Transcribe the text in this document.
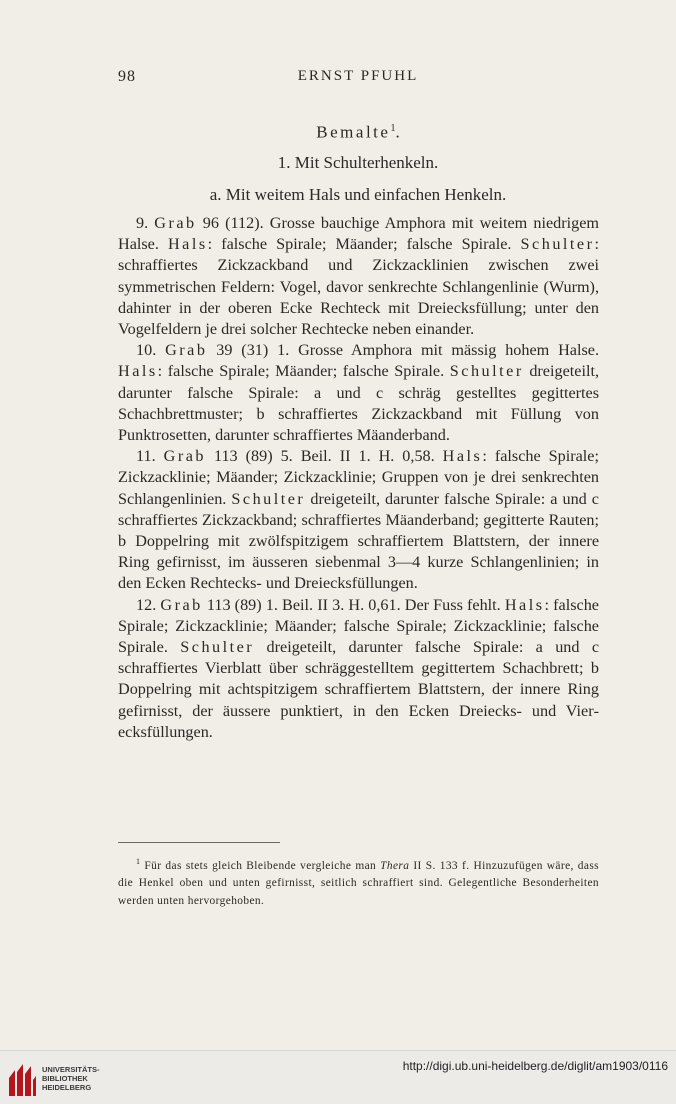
98	ERNST PFUHL
Bemalte$^1$.
1. Mit Schulterhenkeln.
a. Mit weitem Hals und einfachen Henkeln.

9. Grab 96 (112). Grosse bauchige Amphora mit weitem niedrigem Halse. Hals: falsche Spirale; Mäander; falsche Spirale. Schulter: schraffiertes Zickzackband und Zickzacklinien zwischen zwei symmetrischen Feldern: Vogel, davor senkrechte Schlangenlinie (Wurm), dahinter in der oberen Ecke Rechteck mit Dreiecksfüllung; unter den Vogelfeldern je drei solcher Rechtecke neben einander.

10. Grab 39 (31) 1. Grosse Amphora mit mässig hohem Halse. Hals: falsche Spirale; Mäander; falsche Spirale. Schulter dreigeteilt, darunter falsche Spirale: a und c schräg gestelltes gegittertes Schachbrettmuster; b schraffiertes Zickzackband mit Füllung von Punktrosetten, darunter schraffiertes Mäanderband.

11. Grab 113 (89) 5. Beil. II 1. H. 0,58. Hals: falsche Spirale; Zickzacklinie; Mäander; Zickzacklinie; Gruppen von je drei senkrechten Schlangenlinien. Schulter dreigeteilt, darunter falsche Spirale: a und c schraffiertes Zickzackband; schraffiertes Mäanderband; gegitterte Rauten; b Doppelring mit zwölfspitzigem schraffiertem Blattstern, der innere Ring gefirnisst, im äusseren siebenmal 3—4 kurze Schlangenlinien; in den Ecken Rechtecks- und Dreiecksfüllungen.

12. Grab 113 (89) 1. Beil. II 3. H. 0,61. Der Fuss fehlt. Hals: falsche Spirale; Zickzacklinie; Mäander; falsche Spirale; Zickzacklinie; falsche Spirale. Schulter dreigeteilt, darunter falsche Spirale: a und c schraffiertes Vierblatt über schräggestelltem gegittertem Schachbrett; b Doppelring mit achtspitzigem schraffiertem Blattstern, der innere Ring gefirnisst, der äussere punktiert, in den Ecken Dreiecks- und Vierecksfüllungen.

$^1$ Für das stets gleich Bleibende vergleiche man Thera II S. 133 f. Hinzuzufügen wäre, dass die Henkel oben und unten gefirnisst, seitlich schraffiert sind. Gelegentliche Besonderheiten werden unten hervorgehoben.

UNIVERSITÄTS-
BIBLIOTHEK
HEIDELBERG
http://digi.ub.uni-heidelberg.de/diglit/am1903/0116
